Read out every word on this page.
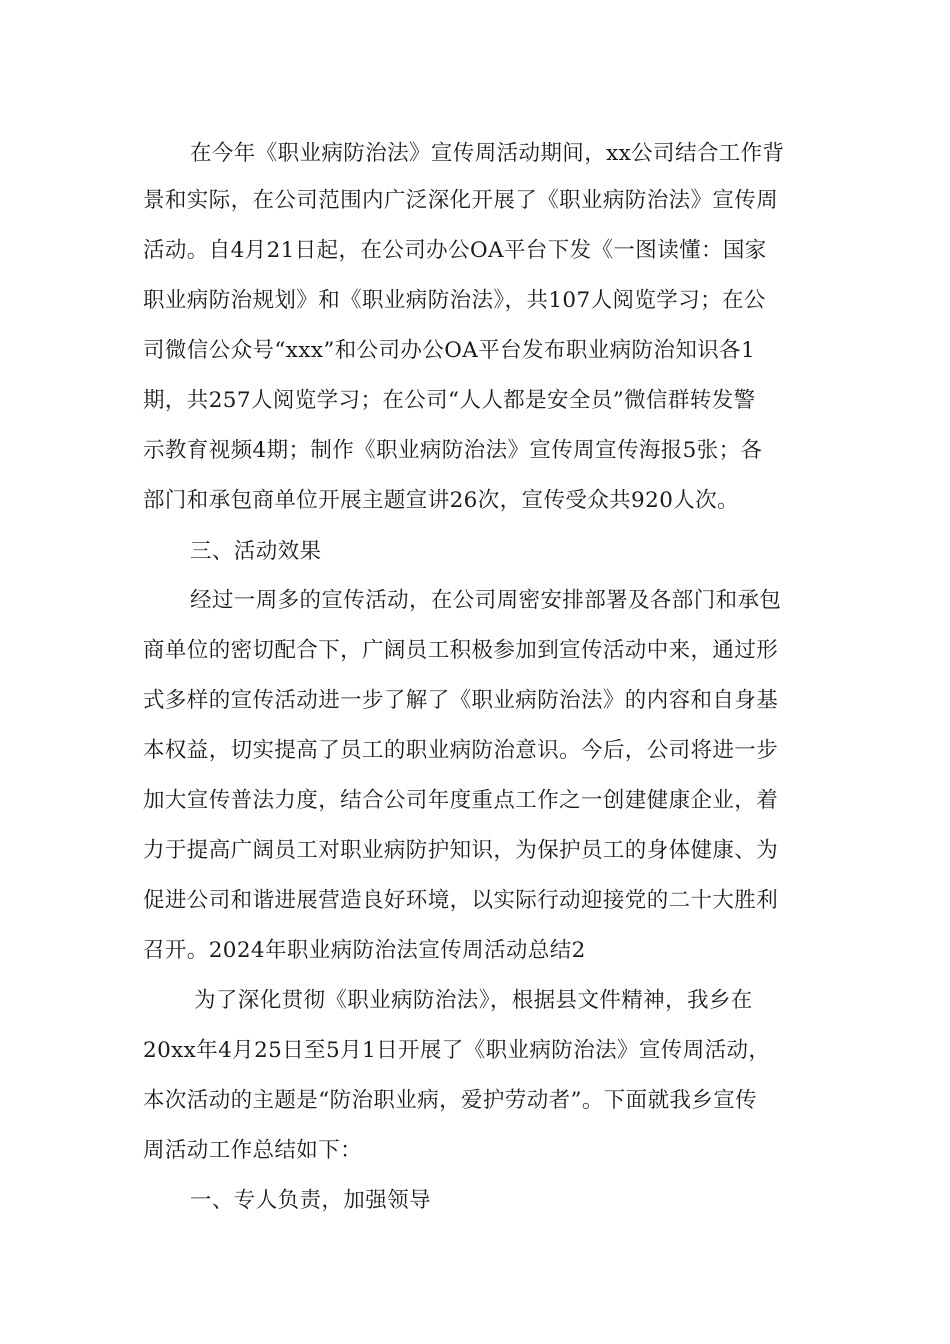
在今年《职业病防治法》宣传周活动期间，xx公司结合工作背
景和实际，在公司范围内广泛深化开展了《职业病防治法》宣传周
活动。自4月21日起，在公司办公OA平台下发《一图读懂：国家
职业病防治规划》和《职业病防治法》，共107人阅览学习；在公
司微信公众号“xxx”和公司办公OA平台发布职业病防治知识各1
期，共257人阅览学习；在公司“人人都是安全员”微信群转发警
示教育视频4期；制作《职业病防治法》宣传周宣传海报5张；各
部门和承包商单位开展主题宣讲26次，宣传受众共920人次。
三、活动效果
经过一周多的宣传活动，在公司周密安排部署及各部门和承包
商单位的密切配合下，广阔员工积极参加到宣传活动中来，通过形
式多样的宣传活动进一步了解了《职业病防治法》的内容和自身基
本权益，切实提高了员工的职业病防治意识。今后，公司将进一步
加大宣传普法力度，结合公司年度重点工作之一创建健康企业，着
力于提高广阔员工对职业病防护知识，为保护员工的身体健康、为
促进公司和谐进展营造良好环境，以实际行动迎接党的二十大胜利
召开。2024年职业病防治法宣传周活动总结2
为了深化贯彻《职业病防治法》，根据县文件精神，我乡在
20xx年4月25日至5月1日开展了《职业病防治法》宣传周活动，
本次活动的主题是“防治职业病，爱护劳动者”。下面就我乡宣传
周活动工作总结如下：
一、专人负责，加强领导
